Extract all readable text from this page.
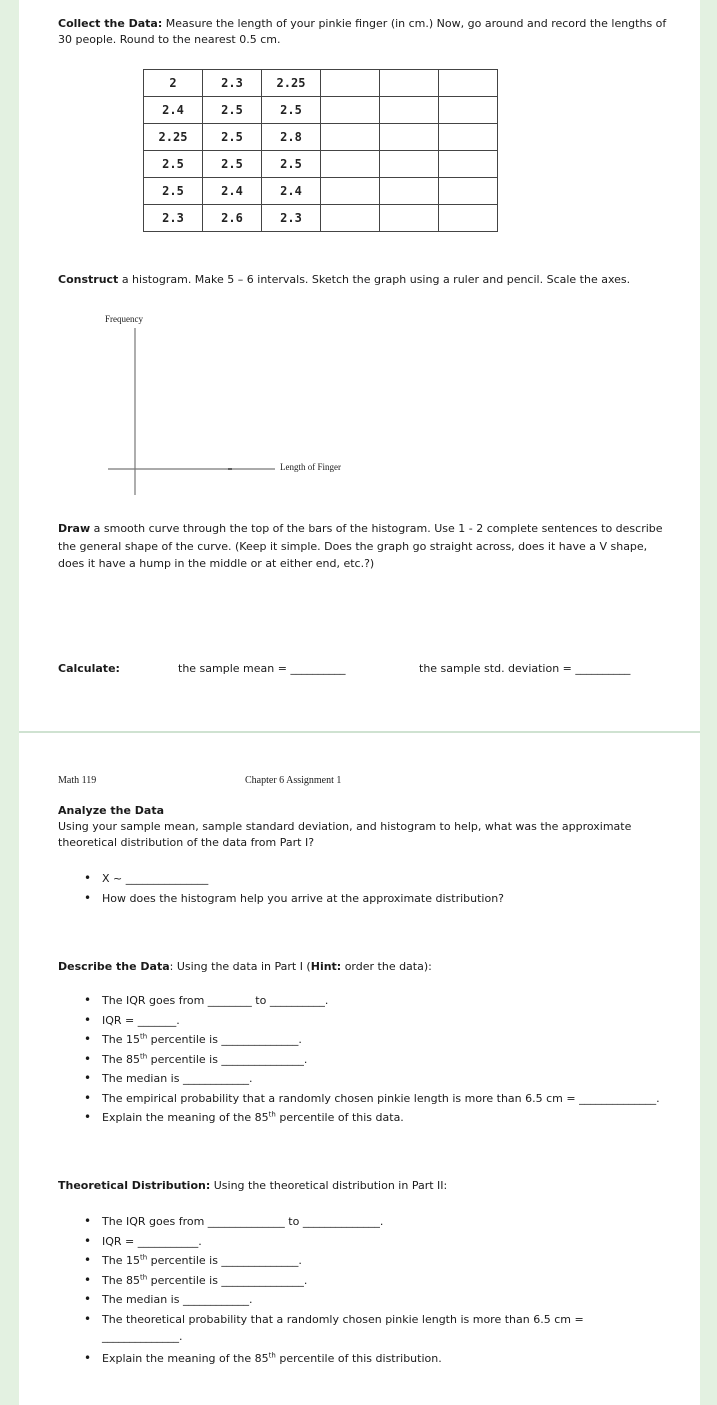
Collect the Data: Measure the length of your pinkie finger (in cm.) Now, go around and record the lengths of 30 people. Round to the nearest 0.5 cm.
2	2.3	2.25			
2.4	2.5	2.5			
2.25	2.5	2.8			
2.5	2.5	2.5			
2.5	2.4	2.4			
2.3	2.6	2.3			
Construct a histogram. Make 5 – 6 intervals. Sketch the graph using a ruler and pencil. Scale the axes.
Frequency
Length of Finger
Draw a smooth curve through the top of the bars of the histogram. Use 1 - 2 complete sentences to describe the general shape of the curve. (Keep it simple. Does the graph go straight across, does it have a V shape, does it have a hump in the middle or at either end, etc.?)
Calculate:	the sample mean = __________	the sample std. deviation = __________
Math 119	Chapter 6 Assignment 1
Analyze the Data
Using your sample mean, sample standard deviation, and histogram to help, what was the approximate theoretical distribution of the data from Part I?
• X ~ _______________
• How does the histogram help you arrive at the approximate distribution?
Describe the Data: Using the data in Part I (Hint: order the data):
• The IQR goes from ________ to __________.
• IQR = _______.
• The 15th percentile is ______________.
• The 85th percentile is _______________.
• The median is ____________.
• The empirical probability that a randomly chosen pinkie length is more than 6.5 cm = ______________.
• Explain the meaning of the 85th percentile of this data.
Theoretical Distribution: Using the theoretical distribution in Part II:
• The IQR goes from ______________ to ______________.
• IQR = ___________.
• The 15th percentile is ______________.
• The 85th percentile is _______________.
• The median is ____________.
• The theoretical probability that a randomly chosen pinkie length is more than 6.5 cm =
______________.
• Explain the meaning of the 85th percentile of this distribution.
